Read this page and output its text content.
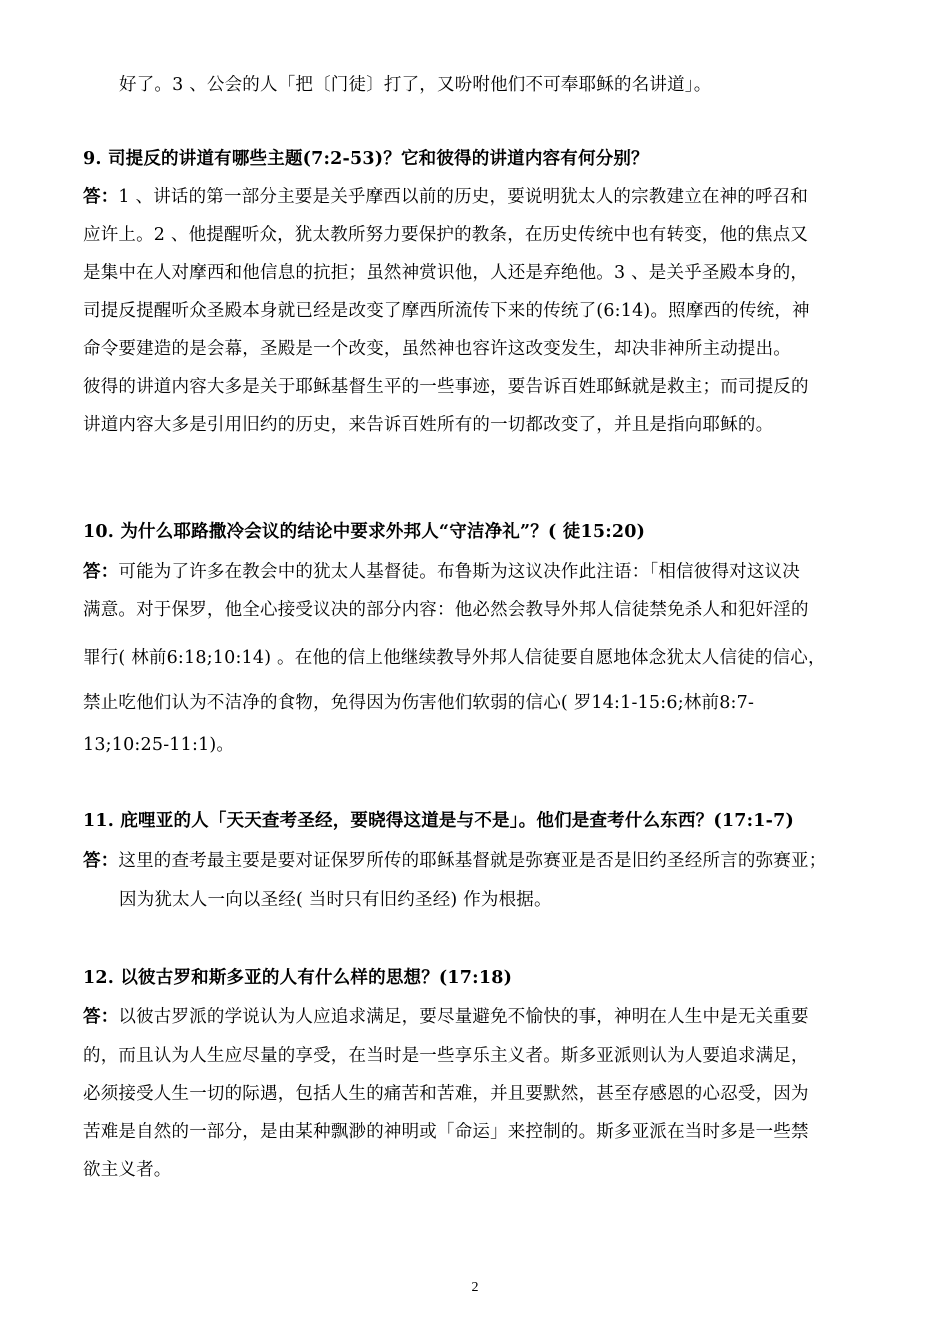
好了。3 、公会的人「把〔门徒〕打了，又吩咐他们不可奉耶稣的名讲道」。
9. 司提反的讲道有哪些主题(7:2-53)？它和彼得的讲道内容有何分别？
答：1 、讲话的第一部分主要是关乎摩西以前的历史，要说明犹太人的宗教建立在神的呼召和
应许上。2 、他提醒听众，犹太教所努力要保护的教条，在历史传统中也有转变，他的焦点又
是集中在人对摩西和他信息的抗拒；虽然神赏识他，人还是弃绝他。3 、是关乎圣殿本身的，
司提反提醒听众圣殿本身就已经是改变了摩西所流传下来的传统了(6:14)。照摩西的传统，神
命令要建造的是会幕，圣殿是一个改变，虽然神也容许这改变发生，却决非神所主动提出。
彼得的讲道内容大多是关于耶稣基督生平的一些事迹，要告诉百姓耶稣就是救主；而司提反的
讲道内容大多是引用旧约的历史，来告诉百姓所有的一切都改变了，并且是指向耶稣的。
10. 为什么耶路撒冷会议的结论中要求外邦人“守洁净礼”？( 徒15:20)
答：可能为了许多在教会中的犹太人基督徒。布鲁斯为这议决作此注语：「相信彼得对这议决
满意。对于保罗，他全心接受议决的部分内容：他必然会教导外邦人信徒禁免杀人和犯奸淫的
罪行( 林前6:18;10:14) 。在他的信上他继续教导外邦人信徒要自愿地体念犹太人信徒的信心，
禁止吃他们认为不洁净的食物，免得因为伤害他们软弱的信心( 罗14:1-15:6;林前8:7-
13;10:25-11:1)。
11. 庇哩亚的人「天天查考圣经，要晓得这道是与不是」。他们是查考什么东西？(17:1-7)
答：这里的查考最主要是要对证保罗所传的耶稣基督就是弥赛亚是否是旧约圣经所言的弥赛亚；
因为犹太人一向以圣经( 当时只有旧约圣经) 作为根据。
12. 以彼古罗和斯多亚的人有什么样的思想？(17:18)
答：以彼古罗派的学说认为人应追求满足，要尽量避免不愉快的事，神明在人生中是无关重要
的，而且认为人生应尽量的享受，在当时是一些享乐主义者。斯多亚派则认为人要追求满足，
必须接受人生一切的际遇，包括人生的痛苦和苦难，并且要默然，甚至存感恩的心忍受，因为
苦难是自然的一部分，是由某种飘渺的神明或「命运」来控制的。斯多亚派在当时多是一些禁
欲主义者。
2
